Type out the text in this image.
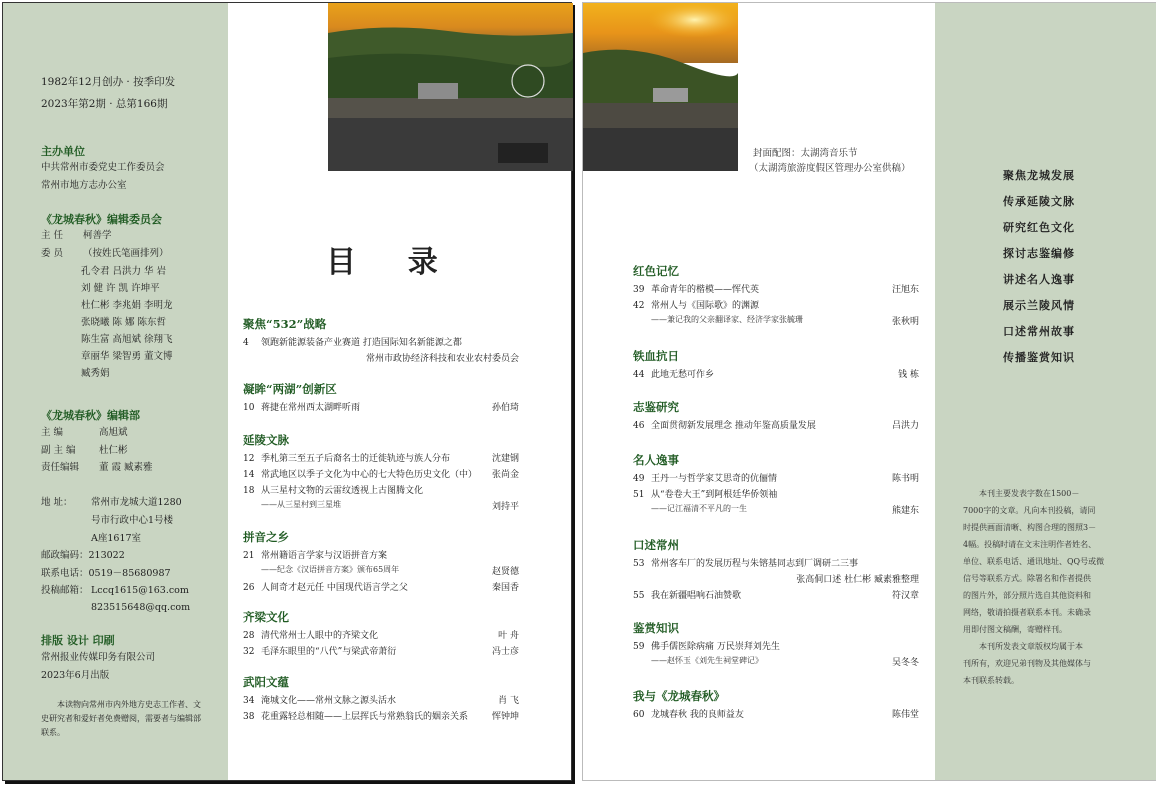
1982年12月创办 · 按季印发
2023年第2期 · 总第166期
主办单位
中共常州市委党史工作委员会
常州市地方志办公室
《龙城春秋》编辑委员会
主 任 柯善学
委 员 （按姓氏笔画排列）
孔令君 吕洪力 华 岩
刘 健 许 凯 许坤平
杜仁彬 李兆娟 李明龙
张晓曦 陈 娜 陈东哲
陈生富 高旭斌 徐翔飞
章丽华 梁智勇 董文博
臧秀娟
《龙城春秋》编辑部
主 编	高旭斌
副 主 编 杜仁彬
责任编辑 董 霞 臧素雅
地 址： 常州市龙城大道1280
号市行政中心1号楼
A座1617室
邮政编码：213022
联系电话：0519－85680987
投稿邮箱： Lccq1615@163.com
823515648@qq.com
排版 设计 印刷
常州报业传媒印务有限公司
2023年6月出版
本读物向常州市内外地方史志工作者、文史研究者和爱好者免费赠阅，需要者与编辑部联系。
目    录
聚焦“532”战略
4 领跑新能源装备产业赛道 打造国际知名新能源之都
常州市政协经济科技和农业农村委员会
凝眸“两湖”创新区
10 蒋捷在常州西太湖畔听雨	孙伯琦
延陵文脉
12 季札第三至五子后裔名士的迁徙轨迹与族人分布	沈建钢
14 常武地区以季子文化为中心的七大特色历史文化（中） 张尚金
18 从三星村文物的云雷纹透视上古图腾文化
——从三星村到三星堆	刘持平
拼音之乡
21 常州籍语言学家与汉语拼音方案
——纪念《汉语拼音方案》颁布65周年	赵贤德
26 人间奇才赵元任 中国现代语言学之父	秦国香
齐梁文化
28 清代常州士人眼中的齐梁文化	叶 舟
32 毛泽东眼里的“八代”与梁武帝萧衍	冯士彦
武阳文蕴
34 淹城文化——常州文脉之源头活水	肖 飞
38 花重露轻总相随——上层挥氏与常熟翁氏的姻亲关系	恽钟坤
封面配图：太湖湾音乐节
（太湖湾旅游度假区管理办公室供稿）
红色记忆
39 革命青年的楷模——恽代英	汪旭东
42 常州人与《国际歌》的渊源
——兼记我的父亲翻译家、经济学家张毓珊	张秋明
铁血抗日
44 此地无愁可作乡	钱 栋
志鉴研究
46 全面贯彻新发展理念 推动年鉴高质量发展	吕洪力
名人逸事
49 王丹一与哲学家艾思奇的伉俪情	陈书明
51 从“卷卷大王”到阿根廷华侨领袖
——记江福清不平凡的一生	熊建东
口述常州
53 常州客车厂的发展历程与朱镕基同志到厂调研二三事
张高侗口述 杜仁彬 臧素雅整理
55 我在新疆唱响石油赞歌	符汉章
鉴赏知识
59 佛手儒医除病痛 万民崇拜刘先生
——赵怀玉《刘先生祠堂碑记》	吴冬冬
我与《龙城春秋》
60 龙城春秋 我的良师益友	陈伟堂
聚焦龙城发展
传承延陵文脉
研究红色文化
探讨志鉴编修
讲述名人逸事
展示兰陵风情
口述常州故事
传播鉴赏知识
本刊主要发表字数在1500－
7000字的文章。凡向本刊投稿，请同
时提供画面清晰、构图合理的图照3－
4幅。投稿时请在文末注明作者姓名、
单位、联系电话、通讯地址、QQ号或微
信号等联系方式。除署名和作者提供
的图片外，部分照片选自其他资料和
网络，敬请拍摄者联系本刊。未确录
用即付图文稿酬，寄赠样刊。
本刊所发表文章版权均属于本
刊所有，欢迎兄弟刊物及其他媒体与
本刊联系转载。
